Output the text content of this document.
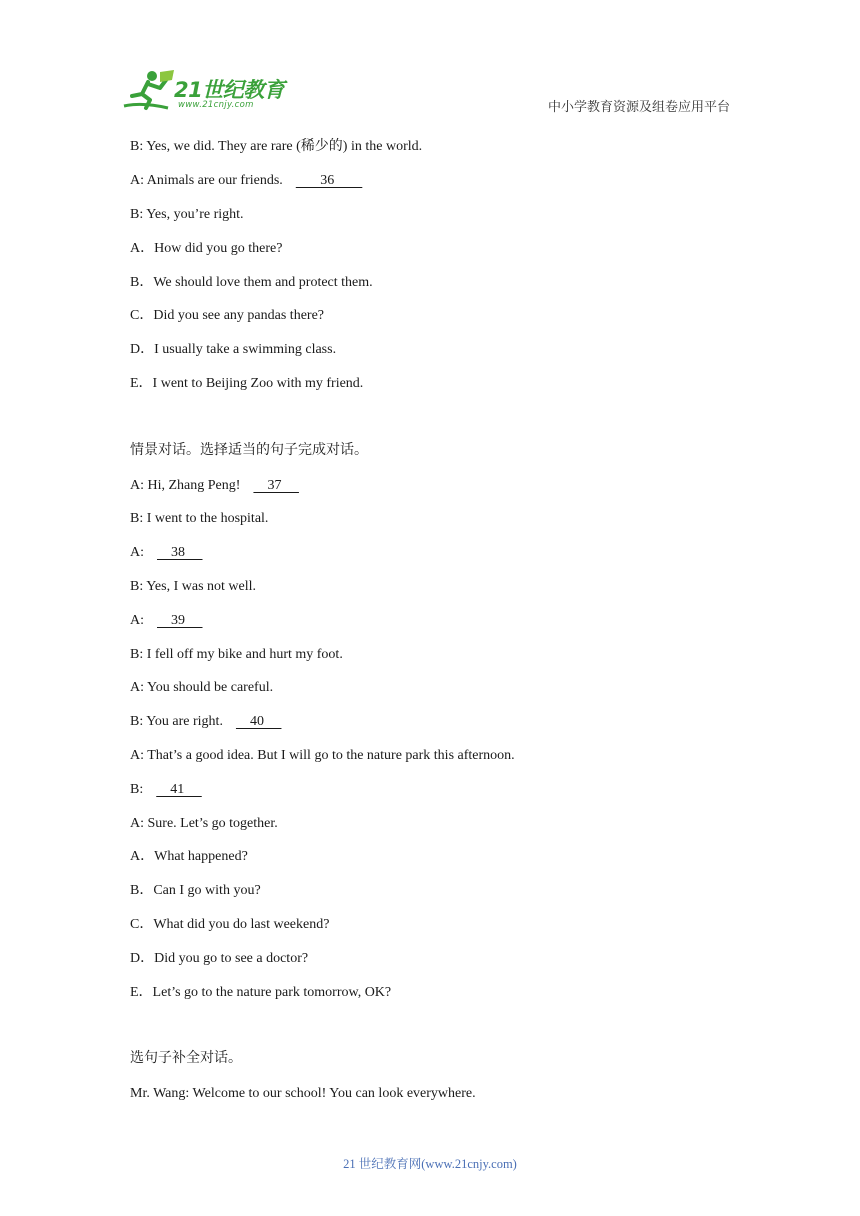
21世纪教育
www.21cnjy.com	中小学教育资源及组卷应用平台
B: Yes, we did. They are rare (稀少的) in the world.
A: Animals are our friends.         36
B: Yes, you’re right.
A．How did you go there?
B．We should love them and protect them.
C．Did you see any pandas there?
D．I usually take a swimming class.
E．I went to Beijing Zoo with my friend.
情景对话。选择适当的句子完成对话。
A: Hi, Zhang Peng!      37
B: I went to the hospital.
A:      38
B: Yes, I was not well.
A:      39
B: I fell off my bike and hurt my foot.
A: You should be careful.
B: You are right.      40
A: That’s a good idea. But I will go to the nature park this afternoon.
B:      41
A: Sure. Let’s go together.
A．What happened?
B．Can I go with you?
C．What did you do last weekend?
D．Did you go to see a doctor?
E．Let’s go to the nature park tomorrow, OK?
选句子补全对话。
Mr. Wang: Welcome to our school! You can look everywhere.
21 世纪教育网(www.21cnjy.com)
